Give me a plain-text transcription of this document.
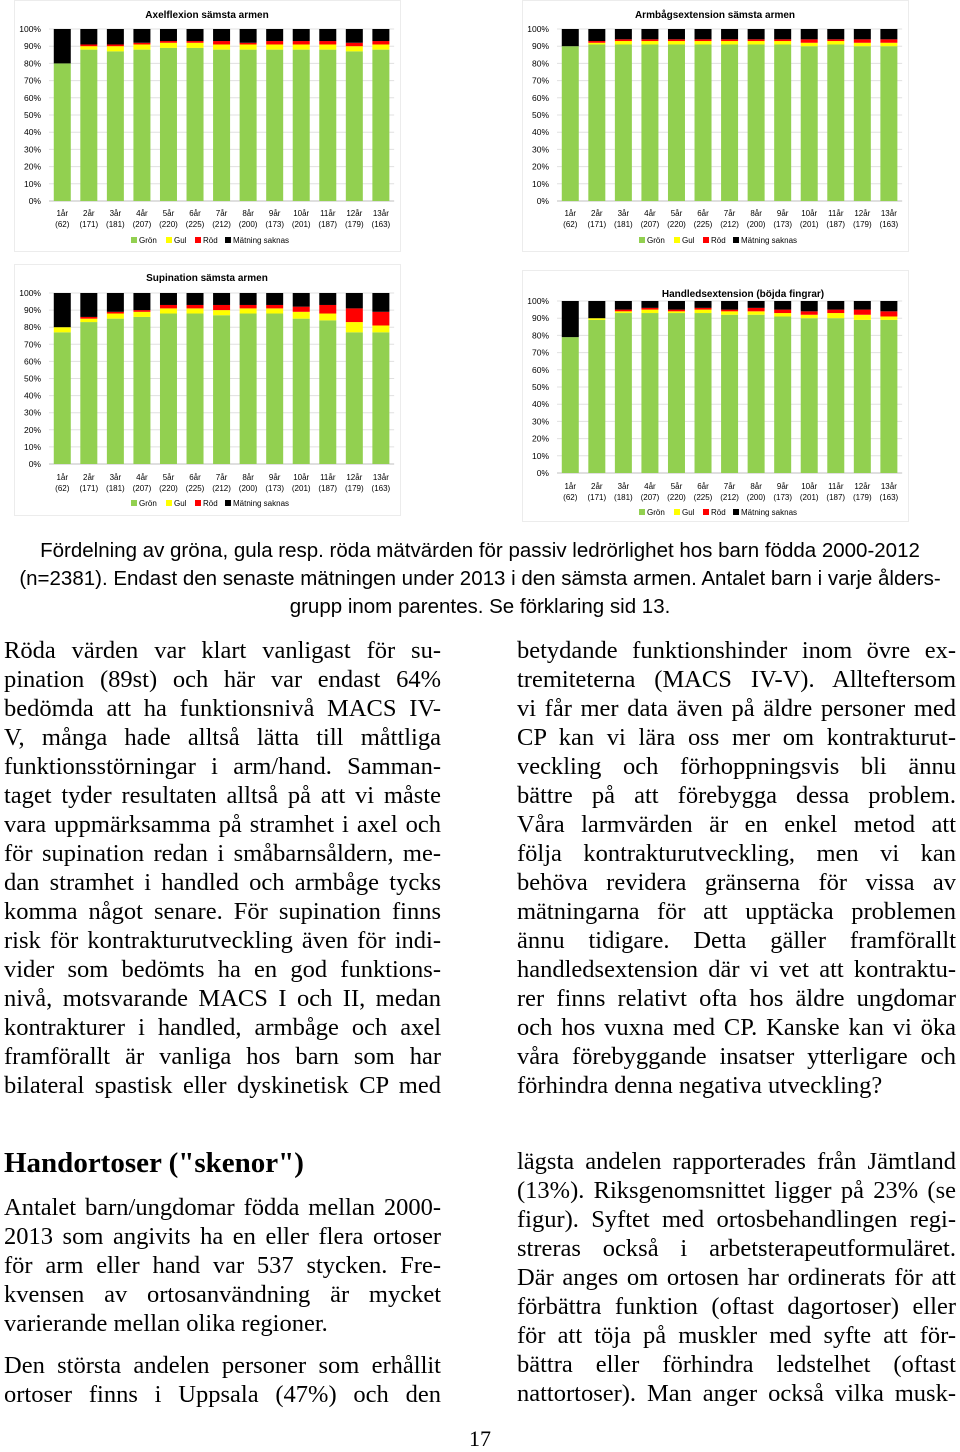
0%
10%
20%
30%
40%
50%
60%
70%
80%
90%
100%
1år
(62)
2år
(171)
3år
(181)
4år
(207)
5år
(220)
6år
(225)
7år
(212)
8år
(200)
9år
(173)
10år
(201)
11år
(187)
12år
(179)
13år
(163)
Axelflexion sämsta armen
Grön Gul Röd Mätning saknas
0%
10%
20%
30%
40%
50%
60%
70%
80%
90%
100%
1år
(62)
2år
(171)
3år
(181)
4år
(207)
5år
(220)
6år
(225)
7år
(212)
8år
(200)
9år
(173)
10år
(201)
11år
(187)
12år
(179)
13år
(163)
Armbågsextension sämsta armen
Grön Gul Röd Mätning saknas
0%
10%
20%
30%
40%
50%
60%
70%
80%
90%
100%
1år
(62)
2år
(171)
3år
(181)
4år
(207)
5år
(220)
6år
(225)
7år
(212)
8år
(200)
9år
(173)
10år
(201)
11år
(187)
12år
(179)
13år
(163)
Supination sämsta armen
Grön Gul Röd Mätning saknas
0%
10%
20%
30%
40%
50%
60%
70%
80%
90%
100%
1år
(62)
2år
(171)
3år
(181)
4år
(207)
5år
(220)
6år
(225)
7år
(212)
8år
(200)
9år
(173)
10år
(201)
11år
(187)
12år
(179)
13år
(163)
Handledsextension (böjda fingrar)
Grön Gul Röd Mätning saknas
Fördelning av gröna, gula resp. röda mätvärden för passiv ledrörlighet hos barn födda 2000-2012
(n=2381). Endast den senaste mätningen under 2013 i den sämsta armen. Antalet barn i varje ålders-
grupp inom parentes. Se förklaring sid 13.
Röda värden var klart vanligast för su-
pination (89st) och här var endast 64%
bedömda att ha funktionsnivå MACS IV-
V, många hade alltså lätta till måttliga
funktionsstörningar i arm/hand. Samman-
taget tyder resultaten alltså på att vi måste
vara uppmärksamma på stramhet i axel och
för supination redan i småbarnsåldern, me-
dan stramhet i handled och armbåge tycks
komma något senare. För supination finns
risk för kontrakturutveckling även för indi-
vider som bedömts ha en god funktions-
nivå, motsvarande MACS I och II, medan
kontrakturer i handled, armbåge och axel
framförallt är vanliga hos barn som har
bilateral spastisk eller dyskinetisk CP med
betydande funktionshinder inom övre ex-
tremiteterna (MACS IV-V). Allteftersom
vi får mer data även på äldre personer med
CP kan vi lära oss mer om kontrakturut-
veckling och förhoppningsvis bli ännu
bättre på att förebygga dessa problem.
Våra larmvärden är en enkel metod att
följa kontrakturutveckling, men vi kan
behöva revidera gränserna för vissa av
mätningarna för att upptäcka problemen
ännu tidigare. Detta gäller framförallt
handledsextension där vi vet att kontraktu-
rer finns relativt ofta hos äldre ungdomar
och hos vuxna med CP. Kanske kan vi öka
våra förebyggande insatser ytterligare och
förhindra denna negativa utveckling?
Handortoser ("skenor")
Antalet barn/ungdomar födda mellan 2000-
2013 som angivits ha en eller flera ortoser
för arm eller hand var 537 stycken. Fre-
kvensen av ortosanvändning är mycket
varierande mellan olika regioner.
Den största andelen personer som erhållit
ortoser finns i Uppsala (47%) och den
lägsta andelen rapporterades från Jämtland
(13%). Riksgenomsnittet ligger på 23% (se
figur). Syftet med ortosbehandlingen regi-
streras också i arbetsterapeutformuläret.
Där anges om ortosen har ordinerats för att
förbättra funktion (oftast dagortoser) eller
för att töja på muskler med syfte att för-
bättra eller förhindra ledstelhet (oftast
nattortoser). Man anger också vilka musk-
17
